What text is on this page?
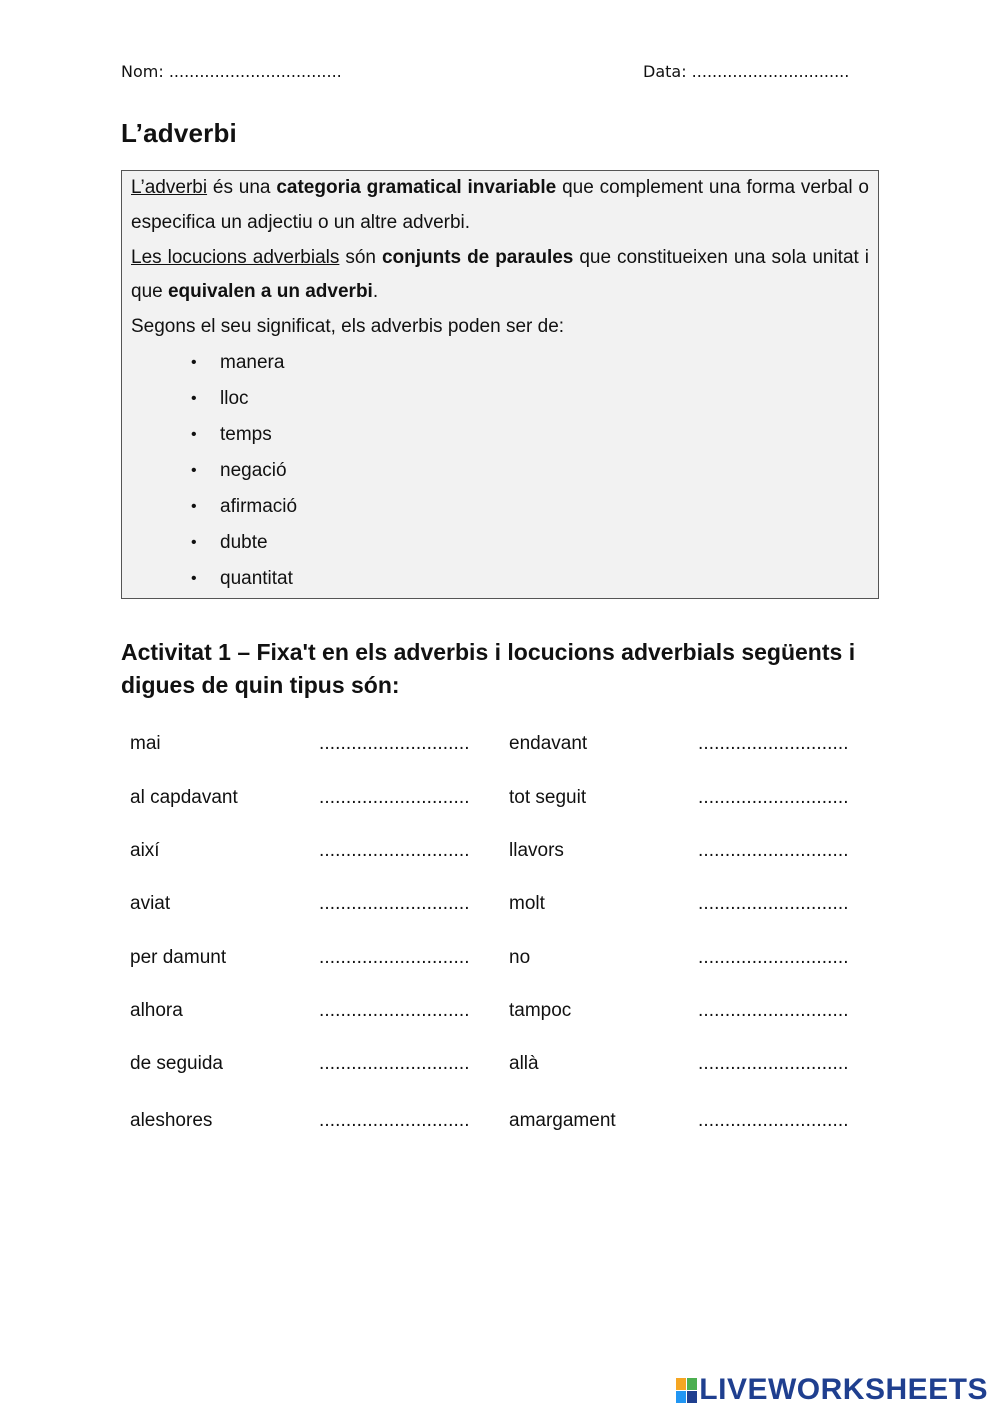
Nom: ..................................	Data: ...............................
L’adverbi

L’adverbi és una categoria gramatical invariable que complement una forma verbal o especifica un adjectiu o un altre adverbi.

Les locucions adverbials són conjunts de paraules que constitueixen una sola unitat i que equivalen a un adverbi.

Segons el seu significat, els adverbis poden ser de:

• manera
• lloc
• temps
• negació
• afirmació
• dubte
• quantitat
Activitat 1 – Fixa't en els adverbis i locucions adverbials següents i digues de quin tipus són:
mai	............................ endavant	............................
al capdavant	............................ tot seguit	............................
així	............................ llavors	............................
aviat	............................ molt	............................
per damunt	............................ no	............................
alhora	............................ tampoc	............................
de seguida	............................ allà	............................
aleshores	............................ amargament	............................
LIVEWORKSHEETS
